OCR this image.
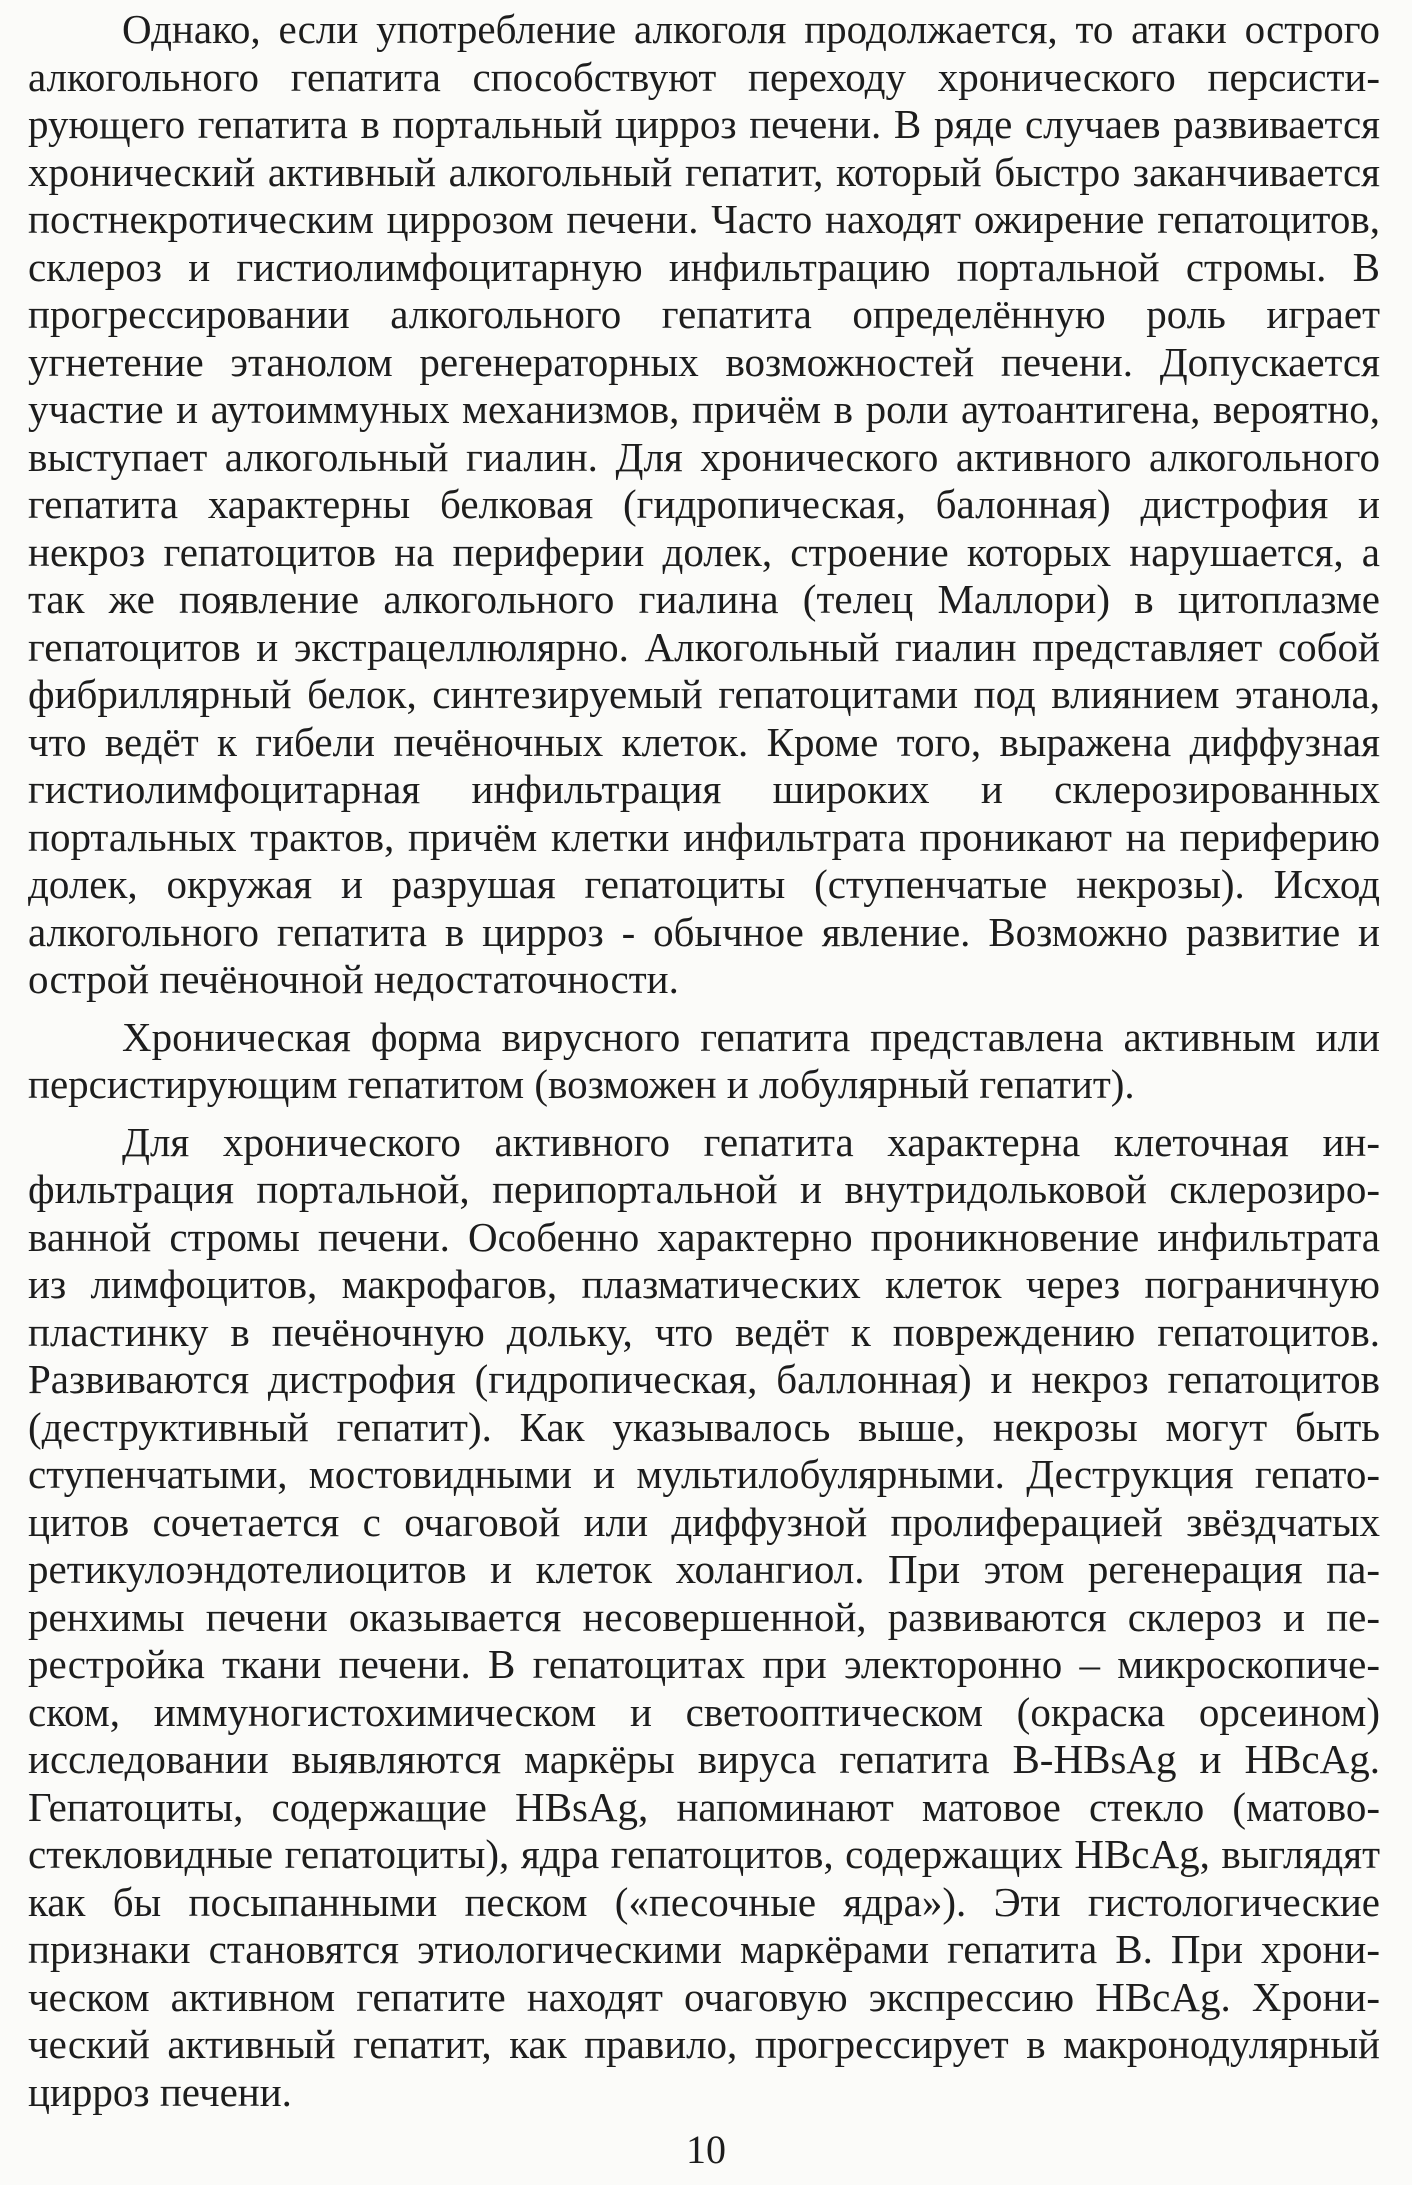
Однако, если употребление алкоголя продолжается, то атаки острого алкогольного гепатита способствуют переходу хронического персистирующего гепатита в портальный цирроз печени. В ряде случаев развивается хронический активный алкогольный гепатит, который быстро заканчивается постнекротическим циррозом печени. Часто находят ожирение гепатоцитов, склероз и гистиолимфоцитарную инфильтрацию портальной стромы. В прогрессировании алкогольного гепатита определённую роль играет угнетение этанолом регенераторных возможностей печени. Допускается участие и аутоиммуных механизмов, причём в роли аутоантигена, вероятно, выступает алкогольный гиалин. Для хронического активного алкогольного гепатита характерны белковая (гидропическая, балонная) дистрофия и некроз гепатоцитов на периферии долек, строение которых нарушается, а так же появление алкогольного гиалина (телец Маллори) в цитоплазме гепатоцитов и экстрацеллюлярно. Алкогольный гиалин представляет собой фибриллярный белок, синтезируемый гепатоцитами под влиянием этанола, что ведёт к гибели печёночных клеток. Кроме того, выражена диффузная гистиолимфоцитарная инфильтрация широких и склерозированных портальных трактов, причём клетки инфильтрата проникают на периферию долек, окружая и разрушая гепатоциты (ступенчатые некрозы). Исход алкогольного гепатита в цирроз - обычное явление. Возможно развитие и острой печёночной недостаточности.

Хроническая форма вирусного гепатита представлена активным или персистирующим гепатитом (возможен и лобулярный гепатит).

Для хронического активного гепатита характерна клеточная инфильтрация портальной, перипортальной и внутридольковой склерозированной стромы печени. Особенно характерно проникновение инфильтрата из лимфоцитов, макрофагов, плазматических клеток через пограничную пластинку в печёночную дольку, что ведёт к повреждению гепатоцитов. Развиваются дистрофия (гидропическая, баллонная) и некроз гепатоцитов (деструктивный гепатит). Как указывалось выше, некрозы могут быть ступенчатыми, мостовидными и мультилобулярными. Деструкция гепатоцитов сочетается с очаговой или диффузной пролиферацией звёздчатых ретикулоэндотелиоцитов и клеток холангиол. При этом регенерация паренхимы печени оказывается несовершенной, развиваются склероз и перестройка ткани печени. В гепатоцитах при электоронно – микроскопическом, иммуногистохимическом и светооптическом (окраска орсеином) исследовании выявляются маркёры вируса гепатита B-HBsAg и HBcAg. Гепатоциты, содержащие HBsAg, напоминают матовое стекло (матовостекловидные гепатоциты), ядра гепатоцитов, содержащих HBcAg, выглядят как бы посыпанными песком («песочные ядра»). Эти гистологические признаки становятся этиологическими маркёрами гепатита B. При хроническом активном гепатите находят очаговую экспрессию HBcAg. Хронический активный гепатит, как правило, прогрессирует в макронодулярный цирроз печени.

10
